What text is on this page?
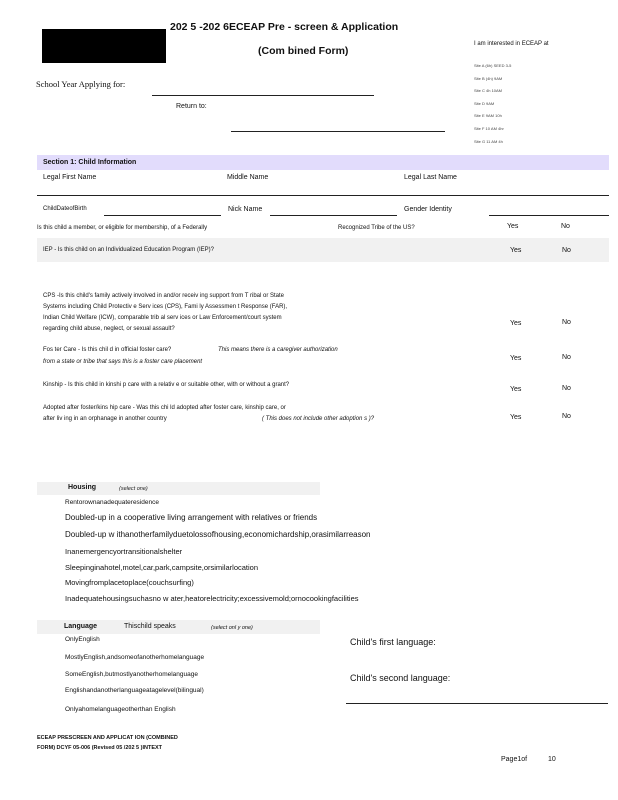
202 5 -202 6ECEAP Pre - screen & Application
(Com bined Form)
I am interested in ECEAP at
Site A (6h) SEED 3-5
Site B (4h) 9AM
Site C 4h 10AM
Site D 9AM
Site E 9AM 10h
Site F 10 AM 4hr
Site G 11 AM 4h
School Year Applying for:
Return to:
Section 1: Child Information
Legal First Name	Middle Name	Legal Last Name
ChildDateofBirth	Nick Name	Gender Identity
Is this child a member, or eligible for membership, of a Federally	Recognized Tribe of the US?	Yes	No
IEP - Is this child on an Individualized Education Program (IEP)?	Yes	No
CPS -Is this child's family actively involved in and/or receiv ing support from T ribal or State
Systems including Child Protectiv e Serv ices (CPS), Fami ly Assessmen t Response (FAR),
Indian Child Welfare (ICW), comparable trib al serv ices or Law Enforcement/court system
regarding child abuse, neglect, or sexual assault?
Yes	No
Fos ter Care - Is this chil d in official foster care?	This means there is a caregiver authorization
from a state or tribe that says this is a foster care placement	Yes	No
Kinship - Is this child in kinshi p care with a relativ e or suitable other, with or without a grant?
Yes	No
Adopted after foster/kins hip care - Was this chi ld adopted after foster care, kinship care, or
after liv ing in an orphanage in another country	( This does not include other adoption s )?	Yes	No
Housing	(select one)
Rentorownanadequateresidence
Doubled-up in a cooperative living arrangement with relatives or friends
Doubled-up w ithanotherfamilyduetolossofhousing,economichardship,orasimilarreason
Inanemergencyortransitionalshelter
Sleepinginahotel,motel,car,park,campsite,orsimilarlocation
Movingfromplacetoplace(couchsurfing)
Inadequatehousingsuchasno w ater,heatorelectricity;excessivemold;ornocookingfacilities
Language	Thischild speaks	(select onl y one)
OnlyEnglish
MostlyEnglish,andsomeofanotherhomelanguage
SomeEnglish,butmostlyanotherhomelanguage
Englishandanotherlanguageatagelevel(bilingual)
Onlyahomelanguageotherthan English
Child's first language:
Child's second language:
ECEAP PRESCREEN AND APPLICAT ION (COMBINED
FORM) DCYF 05-006 (Revised 05 /202 5 )INTEXT
Page1of	10
